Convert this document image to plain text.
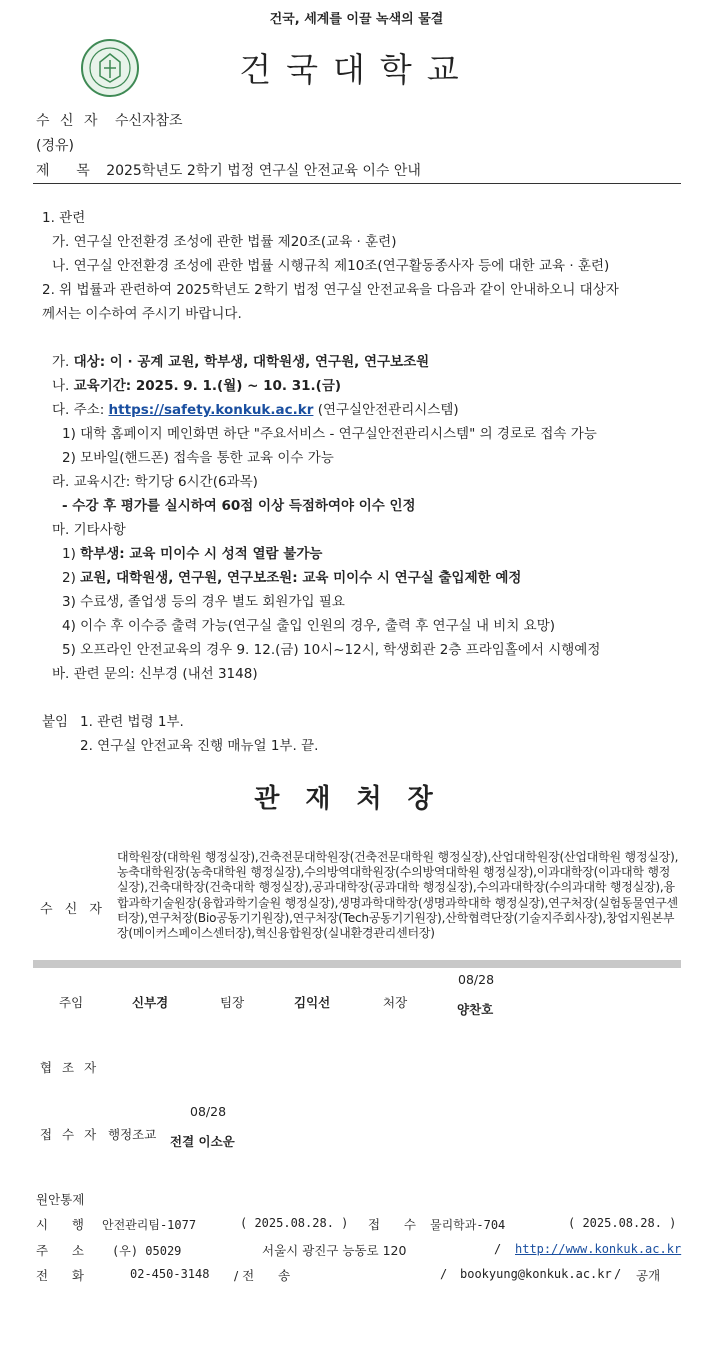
건국, 세계를 이끌 녹색의 물결
건국대학교
수 신 자 수신자참조
(경유)
제      목 2025학년도 2학기 법정 연구실 안전교육 이수 안내
1. 관련
가. 연구실 안전환경 조성에 관한 법률 제20조(교육 · 훈련)
나. 연구실 안전환경 조성에 관한 법률 시행규칙 제10조(연구활동종사자 등에 대한 교육 · 훈련)
2. 위 법률과 관련하여 2025학년도 2학기 법정 연구실 안전교육을 다음과 같이 안내하오니 대상자
께서는 이수하여 주시기 바랍니다.
가. 대상: 이 · 공계 교원, 학부생, 대학원생, 연구원, 연구보조원
나. 교육기간: 2025. 9. 1.(월) ~ 10. 31.(금)
다. 주소: https://safety.konkuk.ac.kr (연구실안전관리시스템)
1) 대학 홈페이지 메인화면 하단 "주요서비스 - 연구실안전관리시스템" 의 경로로 접속 가능
2) 모바일(핸드폰) 접속을 통한 교육 이수 가능
라. 교육시간: 학기당 6시간(6과목)
- 수강 후 평가를 실시하여 60점 이상 득점하여야 이수 인정
마. 기타사항
1) 학부생: 교육 미이수 시 성적 열람 불가능
2) 교원, 대학원생, 연구원, 연구보조원: 교육 미이수 시 연구실 출입제한 예정
3) 수료생, 졸업생 등의 경우 별도 회원가입 필요
4) 이수 후 이수증 출력 가능(연구실 출입 인원의 경우, 출력 후 연구실 내 비치 요망)
5) 오프라인 안전교육의 경우 9. 12.(금) 10시~12시, 학생회관 2층 프라임홀에서 시행예정
바. 관련 문의: 신부경 (내선 3148)
붙임 1. 관련 법령 1부.
2. 연구실 안전교육 진행 매뉴얼 1부. 끝.
관재처장
수 신 자
대학원장(대학원 행정실장),건축전문대학원장(건축전문대학원 행정실장),산업대학원장(산업대학원 행정실장),농축대학원장(농축대학원 행정실장),수의방역대학원장(수의방역대학원 행정실장),이과대학장(이과대학 행정실장),건축대학장(건축대학 행정실장),공과대학장(공과대학 행정실장),수의과대학장(수의과대학 행정실장),융합과학기술원장(융합과학기술원 행정실장),생명과학대학장(생명과학대학 행정실장),연구처장(실험동물연구센터장),연구처장(Bio공동기기원장),연구처장(Tech공동기기원장),산학협력단장(기술지주회사장),창업지원본부장(메이커스페이스센터장),혁신융합원장(실내환경관리센터장)
08/28
주임	신부경	팀장	김익선	처장	양찬호
협 조 자
08/28
접 수 자 행정조교 전결 이소운
원안통제
시      행 안전관리팀-1077	( 2025.08.28. ) 접      수 물리학과-704	( 2025.08.28. )
주      소 (우) 05029	서울시 광진구 능동로 120	/ http://www.konkuk.ac.kr
전      화	02-450-3148 / 전      송	/ bookyung@konkuk.ac.kr / 공개
